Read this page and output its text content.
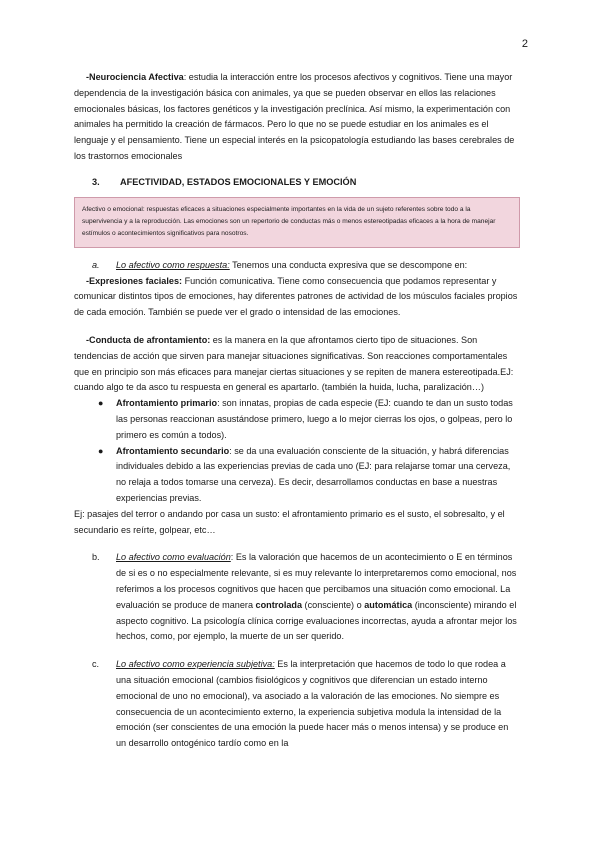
2

-Neurociencia Afectiva: estudia la interacción entre los procesos afectivos y cognitivos. Tiene una mayor dependencia de la investigación básica con animales, ya que se pueden observar en ellos las relaciones emocionales básicas, los factores genéticos y la investigación preclínica. Así mismo, la experimentación con animales ha permitido la creación de fármacos. Pero lo que no se puede estudiar en los animales es el lenguaje y el pensamiento. Tiene un especial interés en la psicopatología estudiando las bases cerebrales de los trastornos emocionales

3. AFECTIVIDAD, ESTADOS EMOCIONALES Y EMOCIÓN
Afectivo o emocional: respuestas eficaces a situaciones especialmente importantes en la vida de un sujeto referentes sobre todo a la supervivencia y a la reproducción. Las emociones son un repertorio de conductas más o menos estereotipadas eficaces a la hora de manejar estímulos o acontecimientos significativos para nosotros.

a. Lo afectivo como respuesta: Tenemos una conducta expresiva que se descompone en:

-Expresiones faciales: Función comunicativa. Tiene como consecuencia que podamos representar y comunicar distintos tipos de emociones, hay diferentes patrones de actividad de los músculos faciales propios de cada emoción. También se puede ver el grado o intensidad de las emociones.

-Conducta de afrontamiento: es la manera en la que afrontamos cierto tipo de situaciones. Son tendencias de acción que sirven para manejar situaciones significativas. Son reacciones comportamentales que en principio son más eficaces para manejar ciertas situaciones y se repiten de manera estereotipada.EJ: cuando algo te da asco tu respuesta en general es apartarlo. (también la huida, lucha, paralización…)

● Afrontamiento primario: son innatas, propias de cada especie (EJ: cuando te dan un susto todas las personas reaccionan asustándose primero, luego a lo mejor cierras los ojos, o golpeas, pero lo primero es común a todos).
● Afrontamiento secundario: se da una evaluación consciente de la situación, y habrá diferencias individuales debido a las experiencias previas de cada uno (EJ: para relajarse tomar una cerveza, no relaja a todos tomarse una cerveza). Es decir, desarrollamos conductas en base a nuestras experiencias previas.

Ej: pasajes del terror o andando por casa un susto: el afrontamiento primario es el susto, el sobresalto, y el secundario es reírte, golpear, etc…

b.	Lo afectivo como evaluación: Es la valoración que hacemos de un acontecimiento o E en términos de si es o no especialmente relevante, si es muy relevante lo interpretaremos como emocional, nos referimos a los procesos cognitivos que hacen que percibamos una situación como emocional. La evaluación se produce de manera controlada (consciente) o automática (inconsciente) mirando el aspecto cognitivo. La psicología clínica corrige evaluaciones incorrectas, ayuda a afrontar mejor los hechos, como, por ejemplo, la muerte de un ser querido.

c.	Lo afectivo como experiencia subjetiva: Es la interpretación que hacemos de todo lo que rodea a una situación emocional (cambios fisiológicos y cognitivos que diferencian un estado interno emocional de uno no emocional), va asociado a la valoración de las emociones. No siempre es consecuencia de un acontecimiento externo, la experiencia subjetiva modula la intensidad de la emoción (ser conscientes de una emoción la puede hacer más o menos intensa) y se produce en un desarrollo ontogénico tardío como en la
